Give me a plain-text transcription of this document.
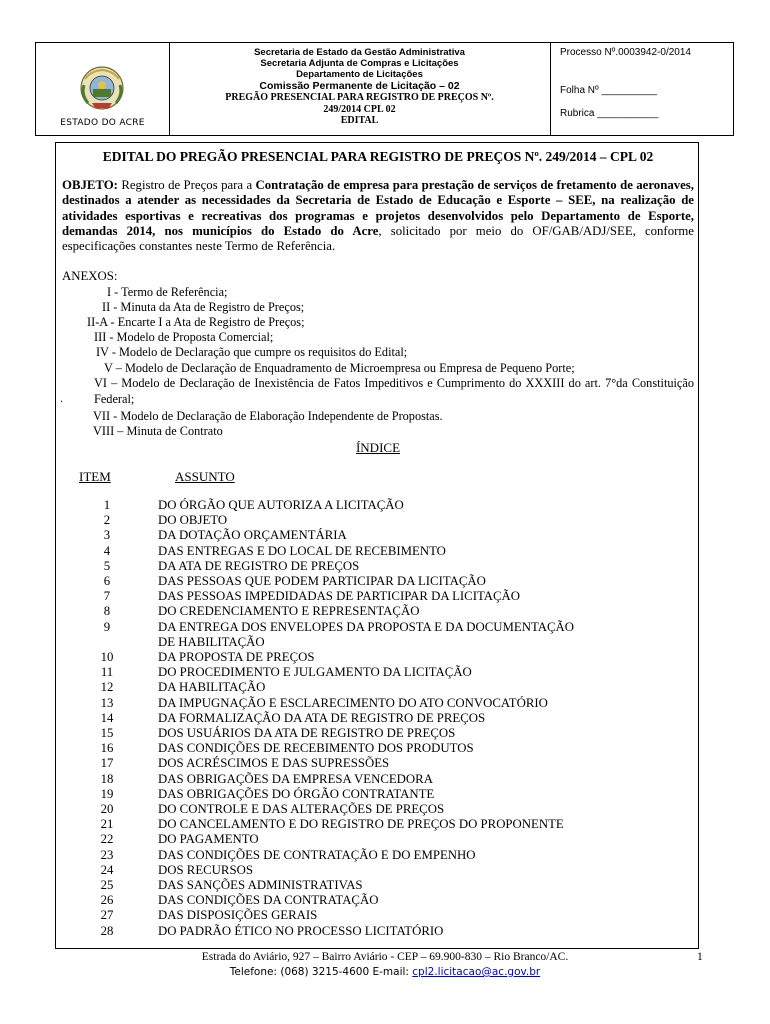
ESTADO DO ACRE
Secretaria de Estado da Gestão Administrativa
Secretaria Adjunta de Compras e Licitações
Departamento de Licitações
Comissão Permanente de Licitação – 02
PREGÃO PRESENCIAL PARA REGISTRO DE PREÇOS Nº.
249/2014 CPL 02
EDITAL
Processo Nº.0003942-0/2014
Folha Nº __________
Rubrica ___________
EDITAL DO PREGÃO PRESENCIAL PARA REGISTRO DE PREÇOS Nº. 249/2014 – CPL 02
OBJETO: Registro de Preços para a Contratação de empresa para prestação de serviços de fretamento de aeronaves, destinados a atender as necessidades da Secretaria de Estado de Educação e Esporte – SEE, na realização de atividades esportivas e recreativas dos programas e projetos desenvolvidos pelo Departamento de Esporte, demandas 2014, nos municípios do Estado do Acre, solicitado por meio do OF/GAB/ADJ/SEE, conforme especificações constantes neste Termo de Referência.
ANEXOS:
I - Termo de Referência;
II - Minuta da Ata de Registro de Preços;
II-A - Encarte I a Ata de Registro de Preços;
III - Modelo de Proposta Comercial;
IV - Modelo de Declaração que cumpre os requisitos do Edital;
V – Modelo de Declaração de Enquadramento de Microempresa ou Empresa de Pequeno Porte;
VI – Modelo de Declaração de Inexistência de Fatos Impeditivos e Cumprimento do XXXIII do art. 7°da Constituição Federal;
.
VII - Modelo de Declaração de Elaboração Independente de Propostas.
VIII – Minuta de Contrato
ÍNDICE
ITEM	ASSUNTO
1	DO ÓRGÃO QUE AUTORIZA A LICITAÇÃO
2	DO OBJETO
3	DA DOTAÇÃO ORÇAMENTÁRIA
4	DAS ENTREGAS E DO LOCAL DE RECEBIMENTO
5	DA ATA DE REGISTRO DE PREÇOS
6	DAS PESSOAS QUE PODEM PARTICIPAR DA LICITAÇÃO
7	DAS PESSOAS IMPEDIDADAS DE PARTICIPAR DA LICITAÇÃO
8	DO CREDENCIAMENTO E REPRESENTAÇÃO
9	DA ENTREGA DOS ENVELOPES DA PROPOSTA E DA DOCUMENTAÇÃO
DE HABILITAÇÃO
10	DA PROPOSTA DE PREÇOS
11	DO PROCEDIMENTO E JULGAMENTO DA LICITAÇÃO
12	DA HABILITAÇÃO
13	DA IMPUGNAÇÃO E ESCLARECIMENTO DO ATO CONVOCATÓRIO
14	DA FORMALIZAÇÃO DA ATA DE REGISTRO DE PREÇOS
15	DOS USUÁRIOS DA ATA DE REGISTRO DE PREÇOS
16	DAS CONDIÇÕES DE RECEBIMENTO DOS PRODUTOS
17	DOS ACRÉSCIMOS E DAS SUPRESSÕES
18	DAS OBRIGAÇÕES DA EMPRESA VENCEDORA
19	DAS OBRIGAÇÕES DO ÓRGÃO CONTRATANTE
20	DO CONTROLE E DAS ALTERAÇÕES DE PREÇOS
21	DO CANCELAMENTO E DO REGISTRO DE PREÇOS DO PROPONENTE
22	DO PAGAMENTO
23	DAS CONDIÇÕES DE CONTRATAÇÃO E DO EMPENHO
24	DOS RECURSOS
25	DAS SANÇÕES ADMINISTRATIVAS
26	DAS CONDIÇÕES DA CONTRATAÇÃO
27	DAS DISPOSIÇÕES GERAIS
28	DO PADRÃO ÉTICO NO PROCESSO LICITATÓRIO
Estrada do Aviário, 927 – Bairro Aviário - CEP – 69.900-830 – Rio Branco/AC.	1
Telefone: (068) 3215-4600 E-mail: cpl2.licitacao@ac.gov.br
